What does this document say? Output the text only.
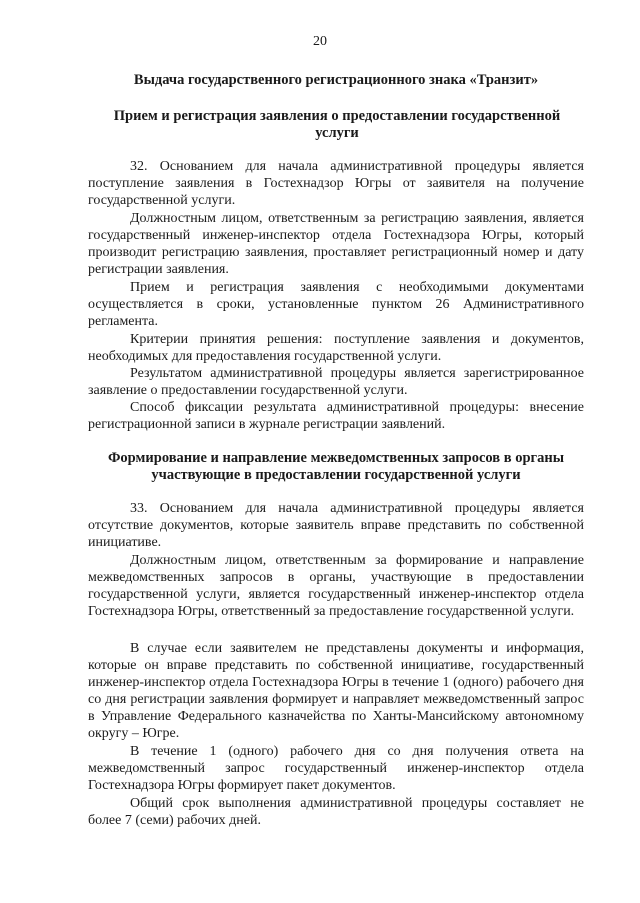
20
Выдача государственного регистрационного знака «Транзит»
Прием и регистрация заявления о предоставлении государственной услуги

32. Основанием для начала административной процедуры является поступление заявления в Гостехнадзор Югры от заявителя на получение государственной услуги.

Должностным лицом, ответственным за регистрацию заявления, является государственный инженер-инспектор отдела Гостехнадзора Югры, который производит регистрацию заявления, проставляет регистрационный номер и дату регистрации заявления.

Прием и регистрация заявления с необходимыми документами осуществляется в сроки, установленные пунктом 26 Административного регламента.

Критерии принятия решения: поступление заявления и документов, необходимых для предоставления государственной услуги.

Результатом административной процедуры является зарегистрированное заявление о предоставлении государственной услуги.

Способ фиксации результата административной процедуры: внесение регистрационной записи в журнале регистрации заявлений.

Формирование и направление межведомственных запросов в органы участвующие в предоставлении государственной услуги

33. Основанием для начала административной процедуры является отсутствие документов, которые заявитель вправе представить по собственной инициативе.

Должностным лицом, ответственным за формирование и направление межведомственных запросов в органы, участвующие в предоставлении государственной услуги, является государственный инженер-инспектор отдела Гостехнадзора Югры, ответственный за предоставление государственной услуги.

В случае если заявителем не представлены документы и информация, которые он вправе представить по собственной инициативе, государственный инженер-инспектор отдела Гостехнадзора Югры в течение 1 (одного) рабочего дня со дня регистрации заявления формирует и направляет межведомственный запрос в Управление Федерального казначейства по Ханты-Мансийскому автономному округу – Югре.

В течение 1 (одного) рабочего дня со дня получения ответа на межведомственный запрос государственный инженер-инспектор отдела Гостехнадзора Югры формирует пакет документов.

Общий срок выполнения административной процедуры составляет не более 7 (семи) рабочих дней.
